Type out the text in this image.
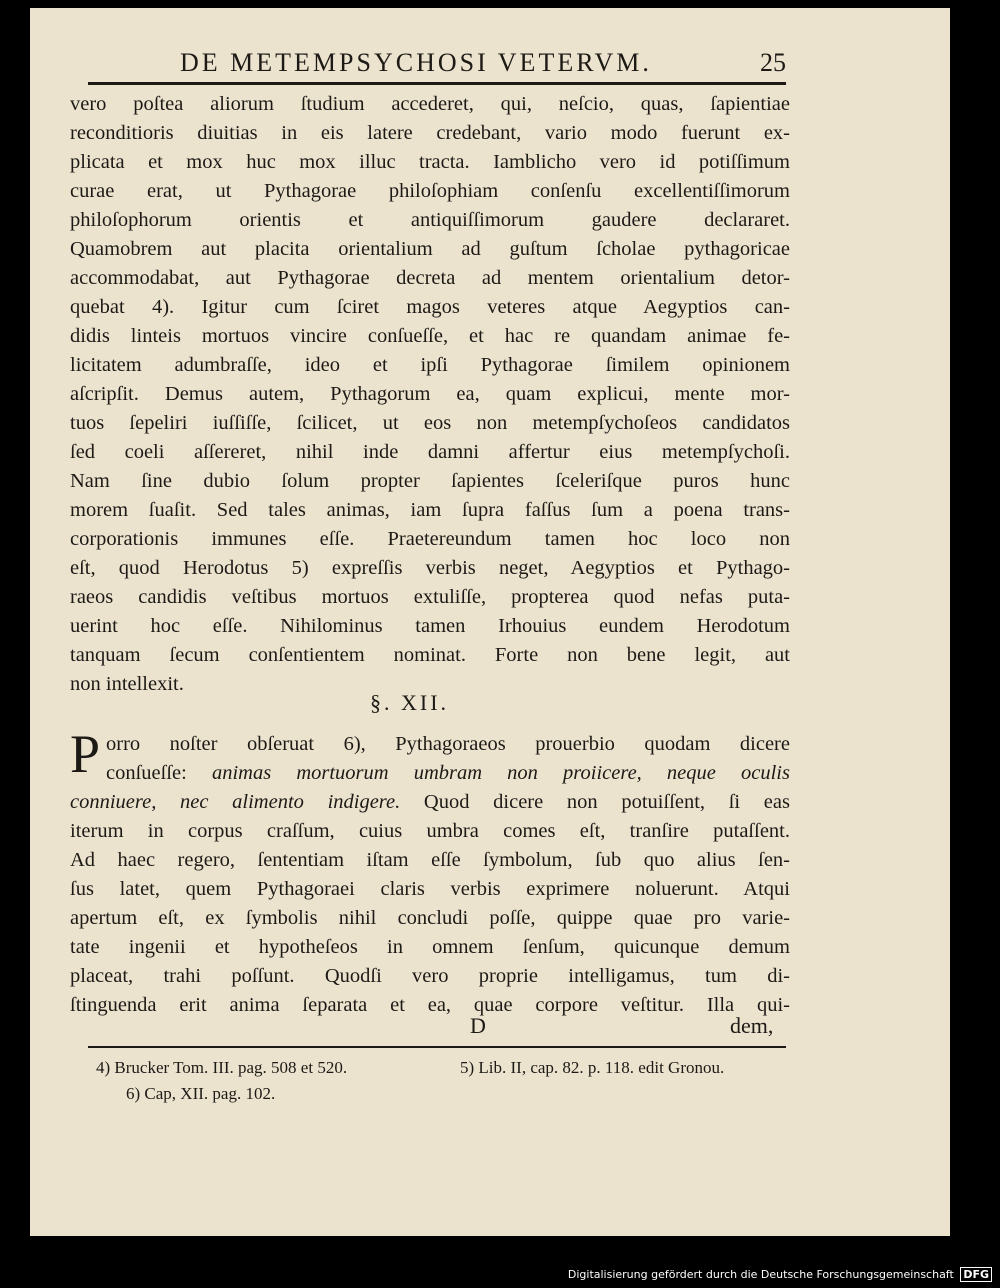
DE METEMPSYCHOSI VETERVM.	25
vero poſtea aliorum ſtudium accederet, qui, neſcio, quas, ſapientiae
reconditioris diuitias in eis latere credebant, vario modo fuerunt ex-
plicata et mox huc mox illuc tracta. Iamblicho vero id potiſſimum
curae erat, ut Pythagorae philoſophiam conſenſu excellentiſſimorum
philoſophorum orientis et antiquiſſimorum gaudere declararet.
Quamobrem aut placita orientalium ad guſtum ſcholae pythagoricae
accommodabat, aut Pythagorae decreta ad mentem orientalium detor-
quebat 4). Igitur cum ſciret magos veteres atque Aegyptios can-
didis linteis mortuos vincire conſueſſe, et hac re quandam animae fe-
licitatem adumbraſſe, ideo et ipſi Pythagorae ſimilem opinionem
aſcripſit. Demus autem, Pythagorum ea, quam explicui, mente mor-
tuos ſepeliri iuſſiſſe, ſcilicet, ut eos non metempſychoſeos candidatos
ſed coeli aſſereret, nihil inde damni affertur eius metempſychoſi.
Nam ſine dubio ſolum propter ſapientes ſceleriſque puros hunc
morem ſuaſit. Sed tales animas, iam ſupra faſſus ſum a poena trans-
corporationis immunes eſſe. Praetereundum tamen hoc loco non
eſt, quod Herodotus 5) expreſſis verbis neget, Aegyptios et Pythago-
raeos candidis veſtibus mortuos extuliſſe, propterea quod nefas puta-
uerint hoc eſſe. Nihilominus tamen Irhouius eundem Herodotum
tanquam ſecum conſentientem nominat. Forte non bene legit, aut
non intellexit.
§. XII.
P orro noſter obſeruat 6), Pythagoraeos prouerbio quodam dicere
conſueſſe: animas mortuorum umbram non proiicere, neque oculis
conniuere, nec alimento indigere. Quod dicere non potuiſſent, ſi eas
iterum in corpus craſſum, cuius umbra comes eſt, tranſire putaſſent.
Ad haec regero, ſententiam iſtam eſſe ſymbolum, ſub quo alius ſen-
ſus latet, quem Pythagoraei claris verbis exprimere noluerunt. Atqui
apertum eſt, ex ſymbolis nihil concludi poſſe, quippe quae pro varie-
tate ingenii et hypotheſeos in omnem ſenſum, quicunque demum
placeat, trahi poſſunt. Quodſi vero proprie intelligamus, tum di-
ſtinguenda erit anima ſeparata et ea, quae corpore veſtitur. Illa qui-
D	dem,
4) Brucker Tom. III. pag. 508 et 520.	5) Lib. II, cap. 82. p. 118. edit Gronou.
6) Cap, XII. pag. 102.
Digitalisierung gefördert durch die Deutsche Forschungsgemeinschaft DFG
